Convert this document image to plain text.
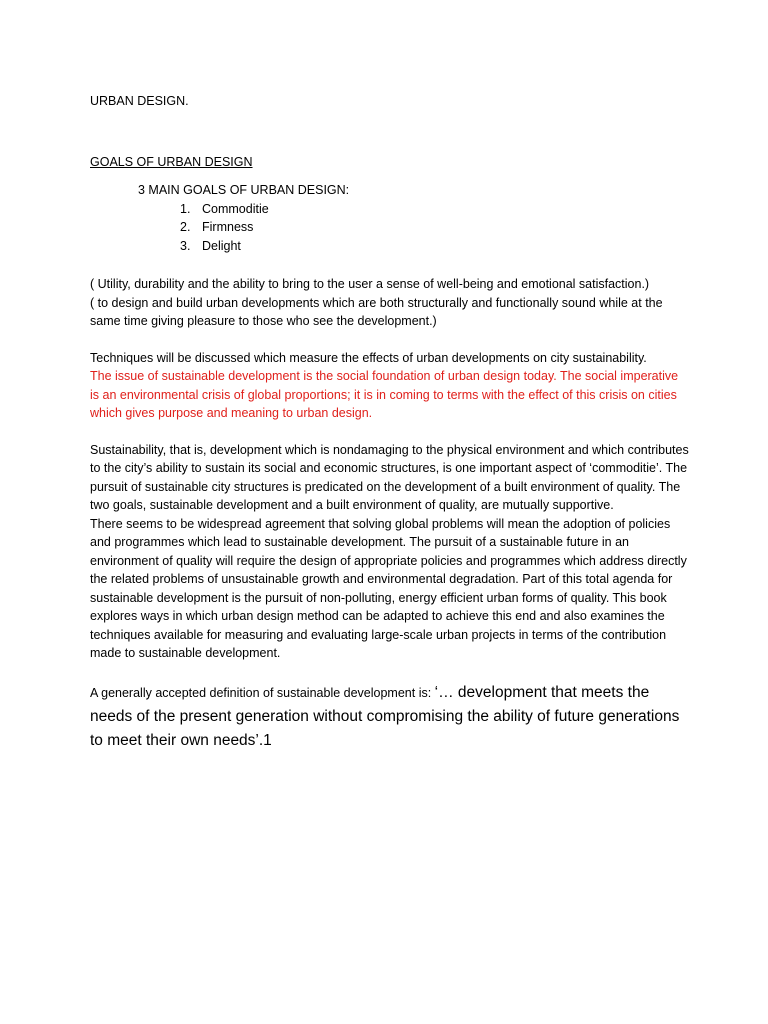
URBAN DESIGN.

GOALS OF URBAN DESIGN

3 MAIN GOALS OF URBAN DESIGN:

1. Commoditie
2. Firmness
3. Delight

( Utility, durability and the ability to bring to the user a sense of well-being and emotional satisfaction.)

( to design and build urban developments which are both structurally and functionally sound while at the same time giving pleasure to those who see the development.)

Techniques will be discussed which measure the effects of urban developments on city sustainability.

The issue of sustainable development is the social foundation of urban design today. The social imperative is an environmental crisis of global proportions; it is in coming to terms with the effect of this crisis on cities which gives purpose and meaning to urban design.

Sustainability, that is, development which is nondamaging to the physical environment and which contributes to the city’s ability to sustain its social and economic structures, is one important aspect of ‘commoditie’. The pursuit of sustainable city structures is predicated on the development of a built environment of quality. The two goals, sustainable development and a built environment of quality, are mutually supportive.

There seems to be widespread agreement that solving global problems will mean the adoption of policies and programmes which lead to sustainable development. The pursuit of a sustainable future in an environment of quality will require the design of appropriate policies and programmes which address directly the related problems of unsustainable growth and environmental degradation. Part of this total agenda for sustainable development is the pursuit of non-polluting, energy efficient urban forms of quality. This book explores ways in which urban design method can be adapted to achieve this end and also examines the techniques available for measuring and evaluating large-scale urban projects in terms of the contribution made to sustainable development.

A generally accepted definition of sustainable development is: ‘… development that meets the needs of the present generation without compromising the ability of future generations to meet their own needs’.1
